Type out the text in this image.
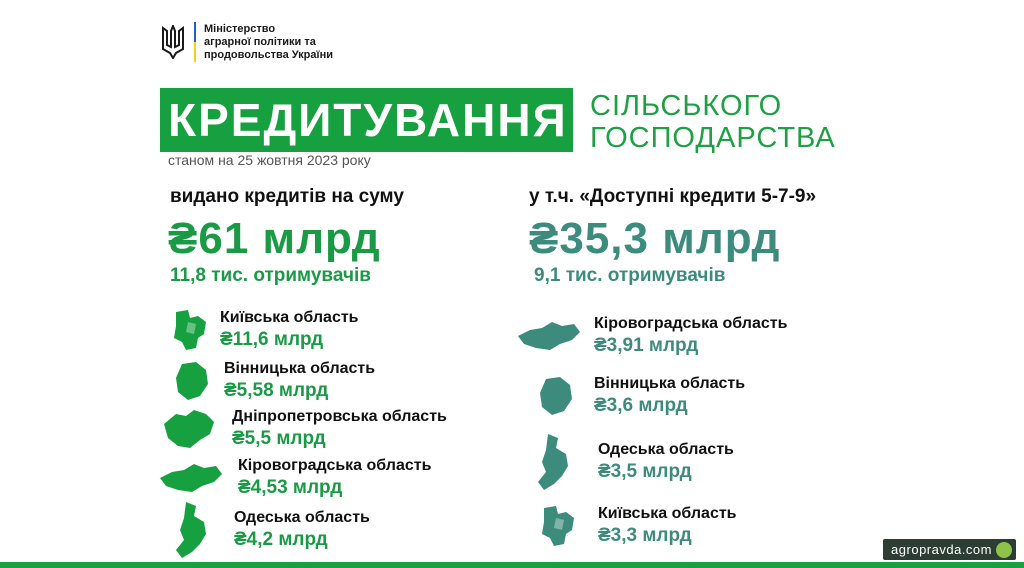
Міністерство
аграрної політики та
продовольства України
КРЕДИТУВАННЯ СІЛЬСЬКОГО
ГОСПОДАРСТВА
станом на 25 жовтня 2023 року
видано кредитів на суму
₴61 млрд
11,8 тис. отримувачів
Київська область
₴11,6 млрд
Вінницька область
₴5,58 млрд
Дніпропетровська область
₴5,5 млрд
Кіровоградська область
₴4,53 млрд
Одеська область
₴4,2 млрд
у т.ч. «Доступні кредити 5-7-9»
₴35,3 млрд
9,1 тис. отримувачів
Кіровоградська область
₴3,91 млрд
Вінницька область
₴3,6 млрд
Одеська область
₴3,5 млрд
Київська область
₴3,3 млрд
agropravda.com
